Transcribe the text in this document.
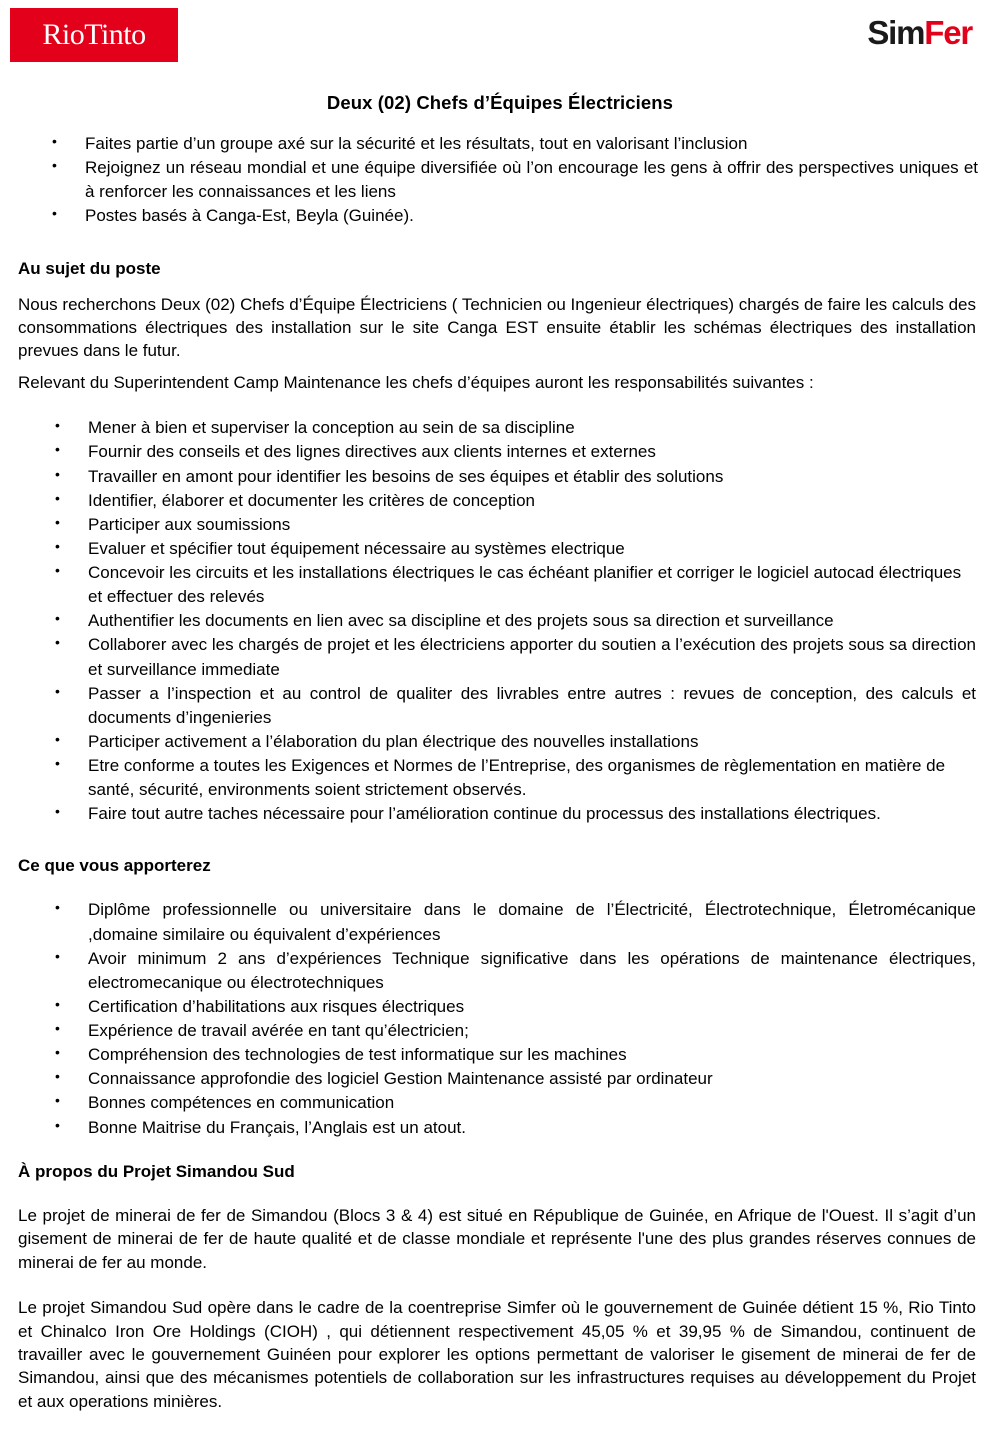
RioTinto	SimFer
Deux (02) Chefs d’Équipes Électriciens
• Faites partie d’un groupe axé sur la sécurité et les résultats, tout en valorisant l’inclusion
• Rejoignez un réseau mondial et une équipe diversifiée où l’on encourage les gens à offrir des perspectives uniques et à renforcer les connaissances et les liens
• Postes basés à Canga-Est, Beyla (Guinée).
Au sujet du poste

Nous recherchons Deux (02) Chefs d’Équipe Électriciens ( Technicien ou Ingenieur électriques) chargés de faire les calculs des consommations électriques des installation sur le site Canga EST ensuite établir les schémas électriques des installation prevues dans le futur.

Relevant du Superintendent Camp Maintenance les chefs d’équipes auront les responsabilités suivantes :

• Mener à bien et superviser la conception au sein de sa discipline
• Fournir des conseils et des lignes directives aux clients internes et externes
• Travailler en amont pour identifier les besoins de ses équipes et établir des solutions
• Identifier, élaborer et documenter les critères de conception
• Participer aux soumissions
• Evaluer et spécifier tout équipement nécessaire au systèmes electrique
• Concevoir les circuits et les installations électriques le cas échéant planifier et corriger le logiciel autocad électriques et effectuer des relevés
• Authentifier les documents en lien avec sa discipline et des projets sous sa direction et surveillance
• Collaborer avec les chargés de projet et les électriciens apporter du soutien a l’exécution des projets sous sa direction et surveillance immediate
• Passer a l’inspection et au control de qualiter des livrables entre autres : revues de conception, des calculs et documents d’ingenieries
• Participer activement a l’élaboration du plan électrique des nouvelles installations
• Etre conforme a toutes les Exigences et Normes de l’Entreprise, des organismes de règlementation en matière de santé, sécurité, environments soient strictement observés.
• Faire tout autre taches nécessaire pour l’amélioration continue du processus des installations électriques.
Ce que vous apporterez
• Diplôme professionnelle ou universitaire dans le domaine de l’Électricité, Électrotechnique, Életromécanique ,domaine similaire ou équivalent d’expériences
• Avoir minimum 2 ans d’expériences Technique significative dans les opérations de maintenance électriques, electromecanique ou électrotechniques
• Certification d’habilitations aux risques électriques
• Expérience de travail avérée en tant qu’électricien;
• Compréhension des technologies de test informatique sur les machines
• Connaissance approfondie des logiciel Gestion Maintenance assisté par ordinateur
• Bonnes compétences en communication
• Bonne Maitrise du Français, l’Anglais est un atout.
À propos du Projet Simandou Sud

Le projet de minerai de fer de Simandou (Blocs 3 & 4) est situé en République de Guinée, en Afrique de l'Ouest. Il s’agit d’un gisement de minerai de fer de haute qualité et de classe mondiale et représente l'une des plus grandes réserves connues de minerai de fer au monde.

Le projet Simandou Sud opère dans le cadre de la coentreprise Simfer où le gouvernement de Guinée détient 15 %, Rio Tinto et Chinalco Iron Ore Holdings (CIOH) , qui détiennent respectivement 45,05 % et 39,95 % de Simandou, continuent de travailler avec le gouvernement Guinéen pour explorer les options permettant de valoriser le gisement de minerai de fer de Simandou, ainsi que des mécanismes potentiels de collaboration sur les infrastructures requises au développement du Projet et aux operations minières.
